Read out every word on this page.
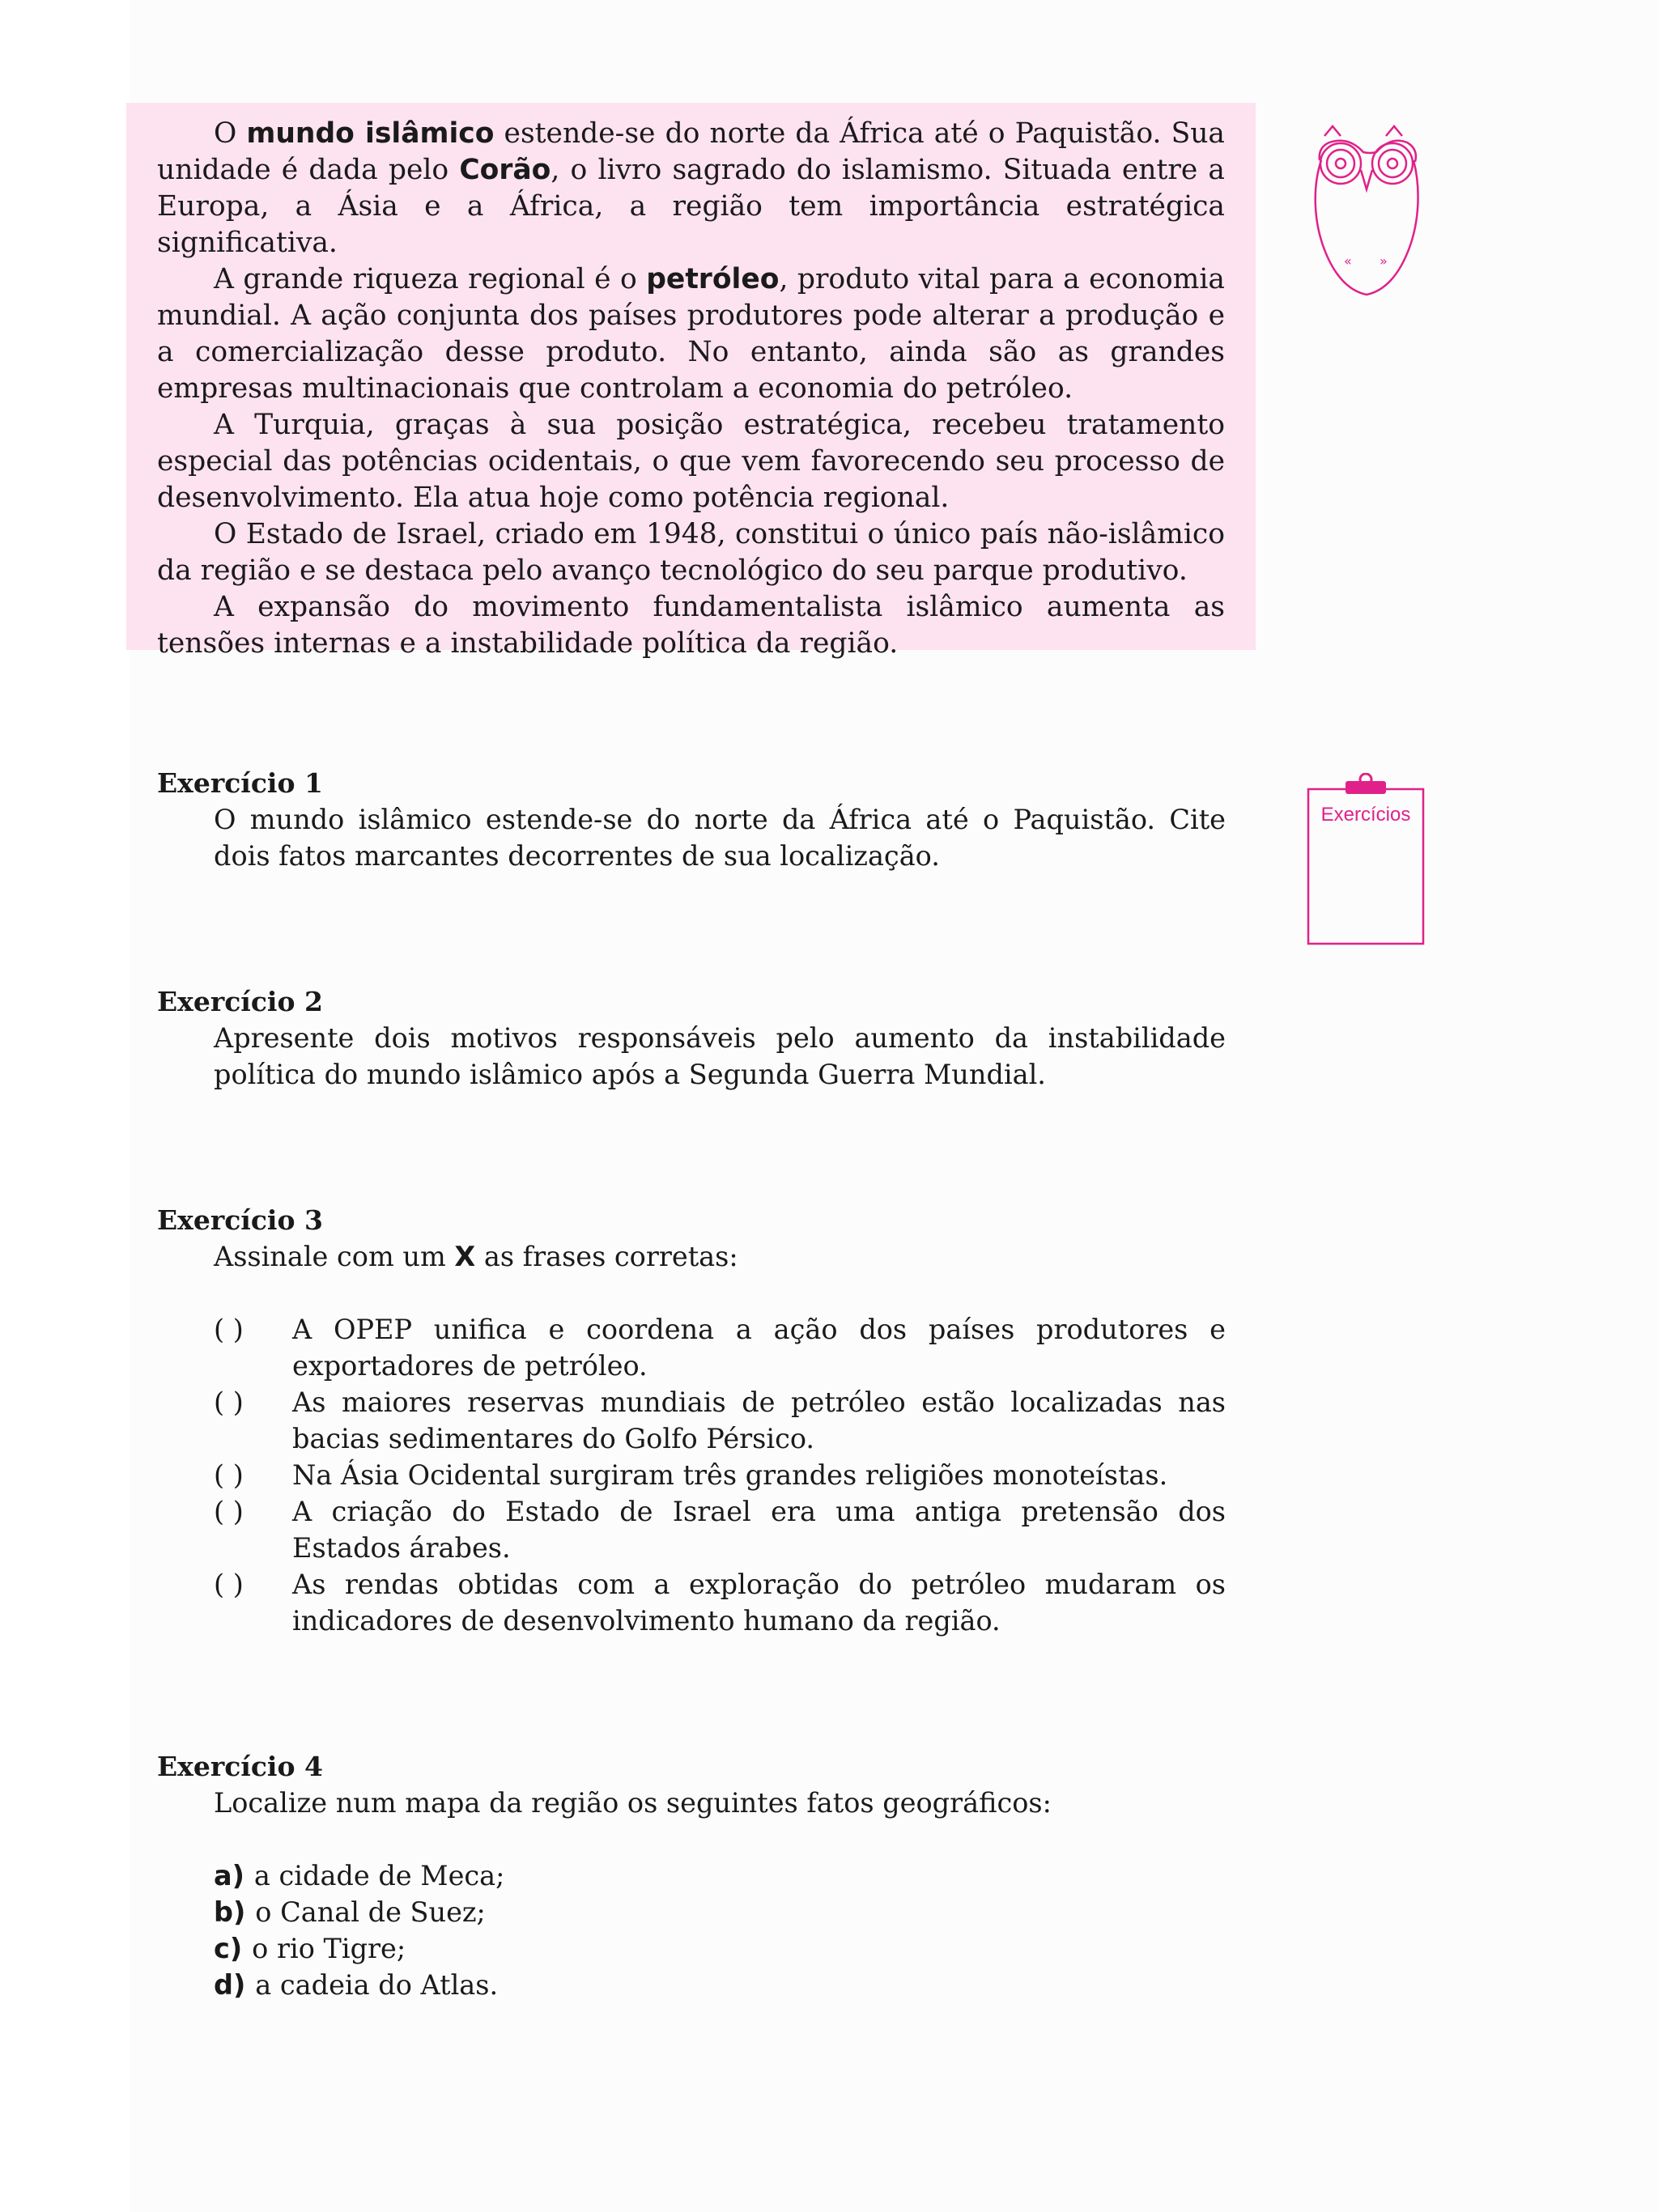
O mundo islâmico estende-se do norte da África até o Paquistão. Sua unidade é dada pelo Corão, o livro sagrado do islamismo. Situada entre a Europa, a Ásia e a África, a região tem importância estratégica significativa.

A grande riqueza regional é o petróleo, produto vital para a economia mundial. A ação conjunta dos países produtores pode alterar a produção e a comercialização desse produto. No entanto, ainda são as grandes empresas multinacionais que controlam a economia do petróleo.

A Turquia, graças à sua posição estratégica, recebeu tratamento especial das potências ocidentais, o que vem favorecendo seu processo de desenvolvimento. Ela atua hoje como potência regional.

O Estado de Israel, criado em 1948, constitui o único país não-islâmico da região e se destaca pelo avanço tecnológico do seu parque produtivo.

A expansão do movimento fundamentalista islâmico aumenta as tensões internas e a instabilidade política da região.

« »
Exercícios

Exercício 1

O mundo islâmico estende-se do norte da África até o Paquistão. Cite dois fatos marcantes decorrentes de sua localização.

Exercício 2

Apresente dois motivos responsáveis pelo aumento da instabilidade política do mundo islâmico após a Segunda Guerra Mundial.

Exercício 3

Assinale com um X as frases corretas:

( )	A OPEP unifica e coordena a ação dos países produtores e exportadores de petróleo.
( )	As maiores reservas mundiais de petróleo estão localizadas nas bacias sedimentares do Golfo Pérsico.
( )	Na Ásia Ocidental surgiram três grandes religiões monoteístas.
( )	A criação do Estado de Israel era uma antiga pretensão dos Estados árabes.
( )	As rendas obtidas com a exploração do petróleo mudaram os indicadores de desenvolvimento humano da região.

Exercício 4

Localize num mapa da região os seguintes fatos geográficos:

a) a cidade de Meca;
b) o Canal de Suez;
c) o rio Tigre;
d) a cadeia do Atlas.
